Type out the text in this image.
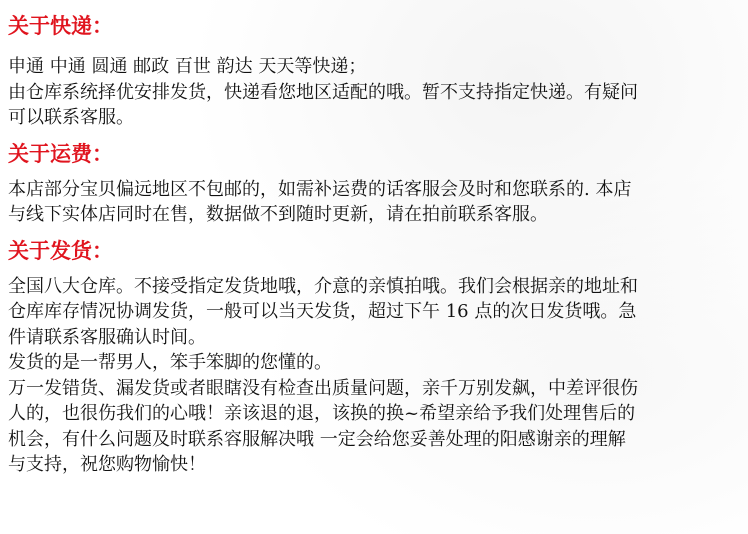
关于快递：

申通 中通 圆通 邮政 百世 韵达 天天等快递；

由仓库系统择优安排发货，快递看您地区适配的哦。暂不支持指定快递。有疑问

可以联系客服。

关于运费：

本店部分宝贝偏远地区不包邮的，如需补运费的话客服会及时和您联系的. 本店

与线下实体店同时在售，数据做不到随时更新，请在拍前联系客服。

关于发货：

全国八大仓库。不接受指定发货地哦，介意的亲慎拍哦。我们会根据亲的地址和

仓库库存情况协调发货，一般可以当天发货，超过下午 16 点的次日发货哦。急

件请联系客服确认时间。

发货的是一帮男人，笨手笨脚的您懂的。

万一发错货、漏发货或者眼瞎没有检查出质量问题，亲千万别发飙，中差评很伤

人的，也很伤我们的心哦！亲该退的退，该换的换~希望亲给予我们处理售后的

机会，有什么问题及时联系容服解决哦 一定会给您妥善处理的阳感谢亲的理解

与支持，祝您购物愉快！
